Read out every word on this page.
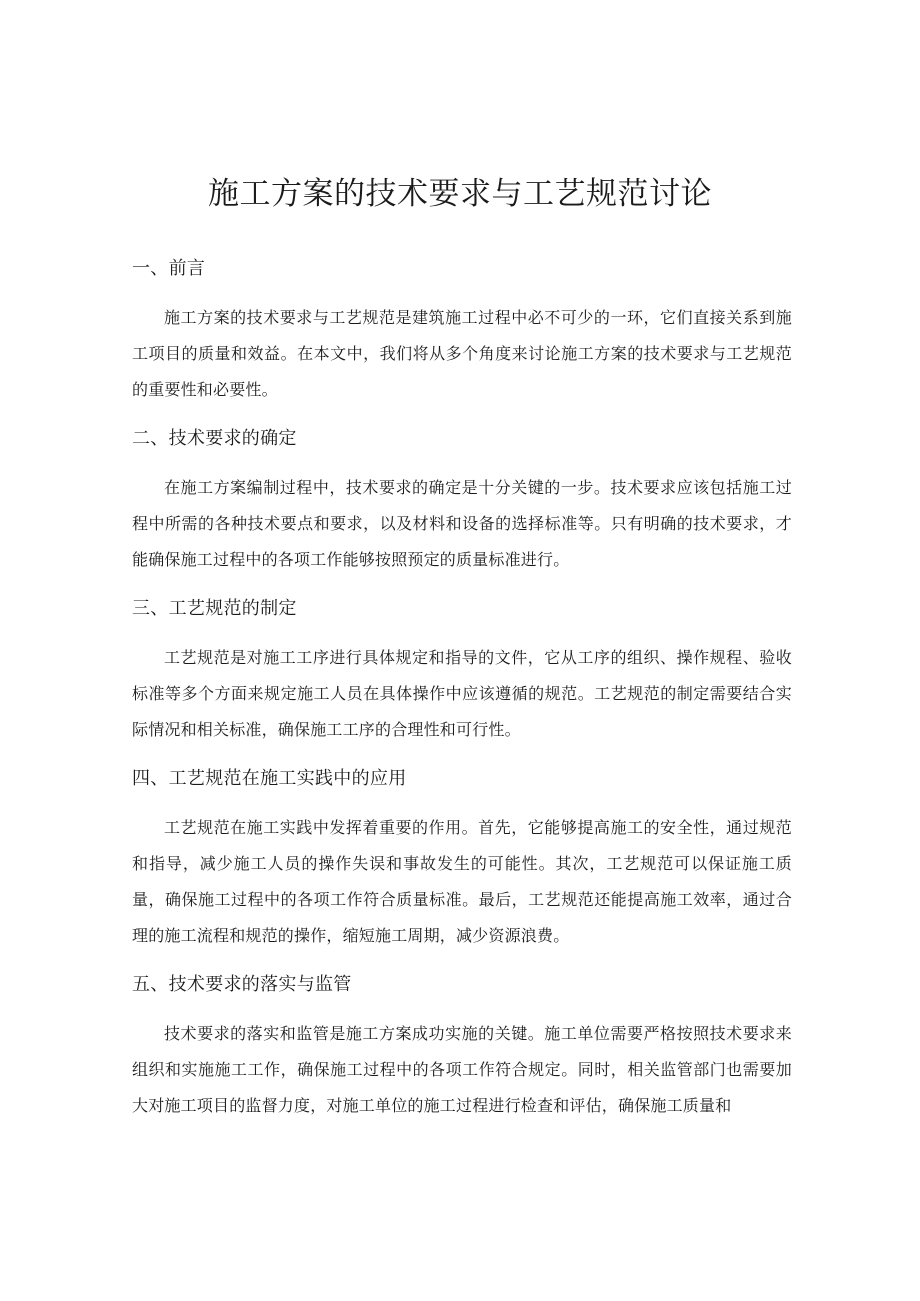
施工方案的技术要求与工艺规范讨论
一、前言

施工方案的技术要求与工艺规范是建筑施工过程中必不可少的一环，它们直接关系到施工项目的质量和效益。在本文中，我们将从多个角度来讨论施工方案的技术要求与工艺规范的重要性和必要性。

二、技术要求的确定

在施工方案编制过程中，技术要求的确定是十分关键的一步。技术要求应该包括施工过程中所需的各种技术要点和要求，以及材料和设备的选择标准等。只有明确的技术要求，才能确保施工过程中的各项工作能够按照预定的质量标准进行。

三、工艺规范的制定

工艺规范是对施工工序进行具体规定和指导的文件，它从工序的组织、操作规程、验收标准等多个方面来规定施工人员在具体操作中应该遵循的规范。工艺规范的制定需要结合实际情况和相关标准，确保施工工序的合理性和可行性。

四、工艺规范在施工实践中的应用

工艺规范在施工实践中发挥着重要的作用。首先，它能够提高施工的安全性，通过规范和指导，减少施工人员的操作失误和事故发生的可能性。其次，工艺规范可以保证施工质量，确保施工过程中的各项工作符合质量标准。最后，工艺规范还能提高施工效率，通过合理的施工流程和规范的操作，缩短施工周期，减少资源浪费。

五、技术要求的落实与监管

技术要求的落实和监管是施工方案成功实施的关键。施工单位需要严格按照技术要求来组织和实施施工工作，确保施工过程中的各项工作符合规定。同时，相关监管部门也需要加大对施工项目的监督力度，对施工单位的施工过程进行检查和评估，确保施工质量和
